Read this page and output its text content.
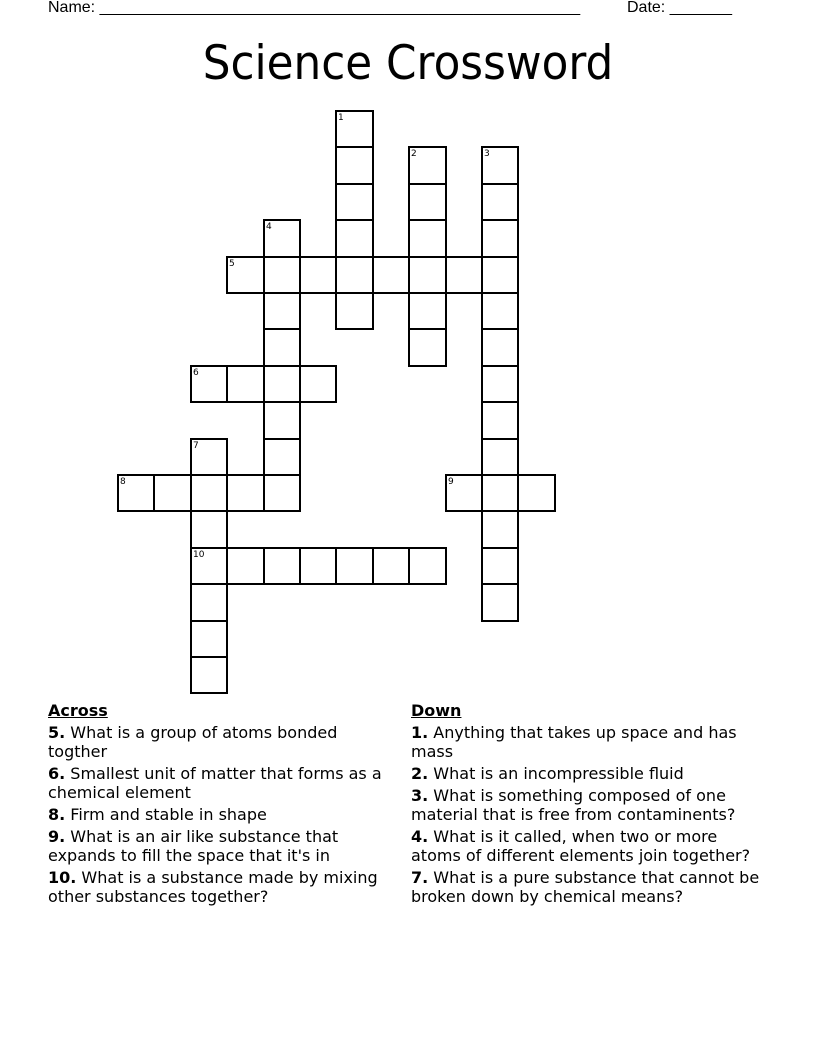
Name: ______________________________________________________	Date: _______
Science Crossword
1
2	3
4
5
6
7
10
8	9
Across
5. What is a group of atoms bonded togther
6. Smallest unit of matter that forms as a chemical element
8. Firm and stable in shape
9. What is an air like substance that expands to fill the space that it's in
10. What is a substance made by mixing other substances together?
Down
1. Anything that takes up space and has mass
2. What is an incompressible fluid
3. What is something composed of one material that is free from contaminents?
4. What is it called, when two or more atoms of different elements join together?
7. What is a pure substance that cannot be broken down by chemical means?
